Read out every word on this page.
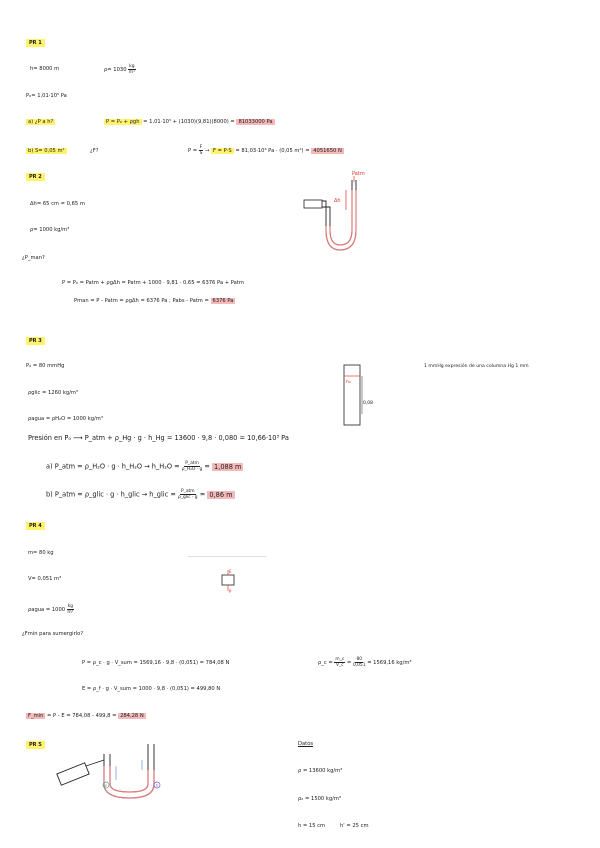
PR 1
h= 8000 m	$\rho= 1030 \frac{kg}{\text{m³}}$
P₀= 1,01·10⁵ Pa
a) ¿P a h?	P = P₀ + ρgh = 1,01·10⁵ + (1030)(9,81)(8000) = 81033000 Pa
b) S= 0,05 m²	¿F?	$P = \frac{F}{S} \to F = P\cdot S = 81,03\cdot 10^6$ Pa · (0,05 m²) = 4051650 N
PR 2
Δh= 65 cm = 0,65 m
ρ= 1000 kg/m³
¿P_man?
P = P₀ = Patm + ρgΔh = Patm + 1000 · 9,81 · 0,65 = 6376 Pa + Patm
Pman = P - Patm = ρgΔh = 6376 Pa ; Pabs - Patm = 6376 Pa
Δh
Patm
PR 3
P₀ = 80 mmHg	1 mmHg expresión de una columna Hg 1 mm
ρglic = 1260 kg/m³
ρagua = ρH₂O = 1000 kg/m³
Presión en P₀ ⟶ P_atm + ρ_Hg · g · h_Hg = 13600 · 9,8 · 0,080 = 10,66·10³ Pa
a) P_atm = ρ_H₂O · g · h_H₂O → h_H₂O = $\frac{\text{P\_atm}}{\text{ρ\_H₂O · g}} = 1,088$ m
b) P_atm = ρ_glic · g · h_glic → h_glic = $\frac{\text{P\_atm}}{\text{ρ\_glic · g}} = 0,86$ m
h₀
0,08
PR 4
m= 80 kg
V= 0,051 m³
ρagua = $1000 \frac{kg}{\text{m³}}$
¿Fmin para sumergirlo?
P = ρ_c · g · V_sum = 1569,16 · 9,8 · (0,051) = 784,08 N	ρ_c = $\frac{m\_c}{V\_c} = \frac{80}{0,051} = 1569,16$ kg/m³
E = ρ_f · g · V_sum = 1000 · 9,8 · (0,051) = 499,80 N
F_min = P - E = 784,08 - 499,8 = 284,28 N
E
P
PR 5	Datos
ρ = 13600 kg/m³
ρ₂ = 1500 kg/m³
h = 15 cm	h' = 25 cm
a	b
